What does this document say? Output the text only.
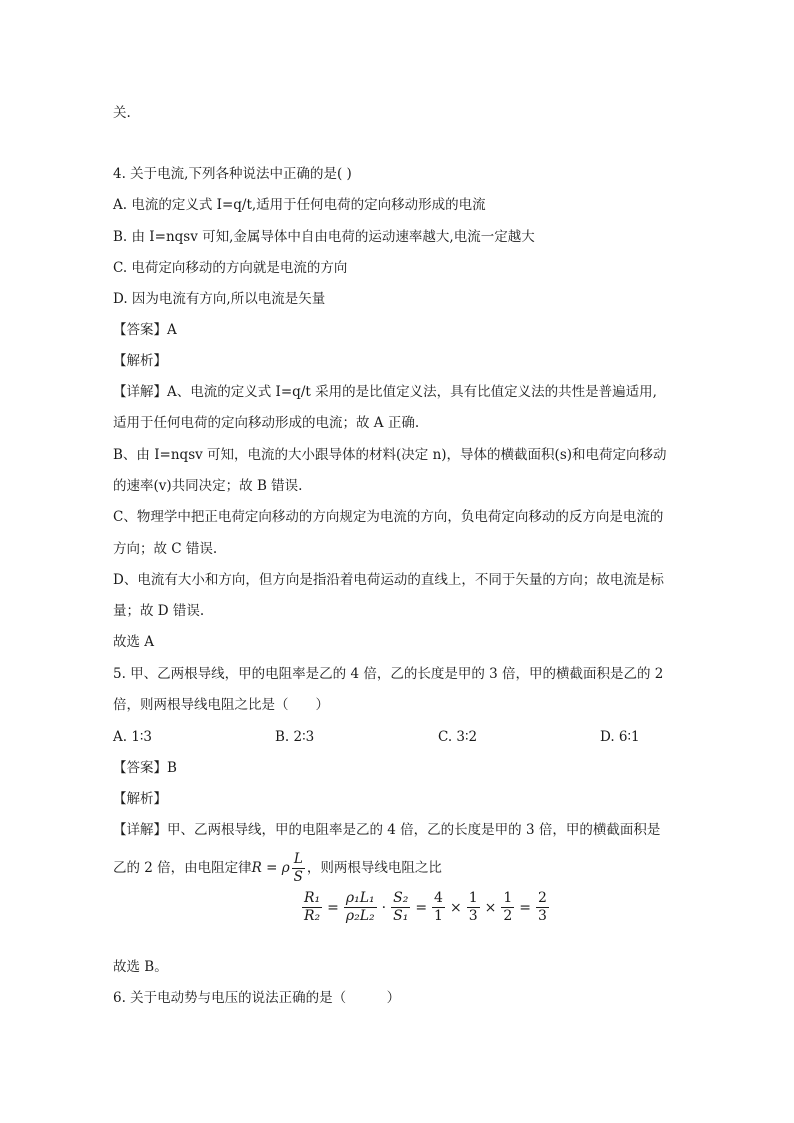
关.
4. 关于电流,下列各种说法中正确的是( )
A. 电流的定义式 I=q/t,适用于任何电荷的定向移动形成的电流
B. 由 I=nqsv 可知,金属导体中自由电荷的运动速率越大,电流一定越大
C. 电荷定向移动的方向就是电流的方向
D. 因为电流有方向,所以电流是矢量
【答案】A
【解析】
【详解】A、电流的定义式 I=q/t 采用的是比值定义法，具有比值定义法的共性是普遍适用,
适用于任何电荷的定向移动形成的电流；故 A 正确.
B、由 I=nqsv 可知，电流的大小跟导体的材料(决定 n)，导体的横截面积(s)和电荷定向移动
的速率(v)共同决定；故 B 错误.
C、物理学中把正电荷定向移动的方向规定为电流的方向，负电荷定向移动的反方向是电流的
方向；故 C 错误.
D、电流有大小和方向，但方向是指沿着电荷运动的直线上，不同于矢量的方向；故电流是标
量；故 D 错误.
故选 A
5. 甲、乙两根导线，甲的电阻率是乙的 4 倍，乙的长度是甲的 3 倍，甲的横截面积是乙的 2
倍，则两根导线电阻之比是（　　）
A. 1∶3	B. 2∶3	C. 3∶2	D. 6∶1
【答案】B
【解析】
【详解】甲、乙两根导线，甲的电阻率是乙的 4 倍，乙的长度是甲的 3 倍，甲的横截面积是
乙的 2 倍，由电阻定律 R = ρ $\frac{L}{S}$ ，则两根导线电阻之比
$\frac{\text{R₁}}{\text{R₂}} = \frac{\text{ρ₁L₁}}{\text{ρ₂L₂}} \cdot \frac{\text{S₂}}{\text{S₁}} = \frac{4}{1} \times \frac{1}{3} \times \frac{1}{2} = \frac{2}{3}$
故选 B。
6. 关于电动势与电压的说法正确的是（　　　）
